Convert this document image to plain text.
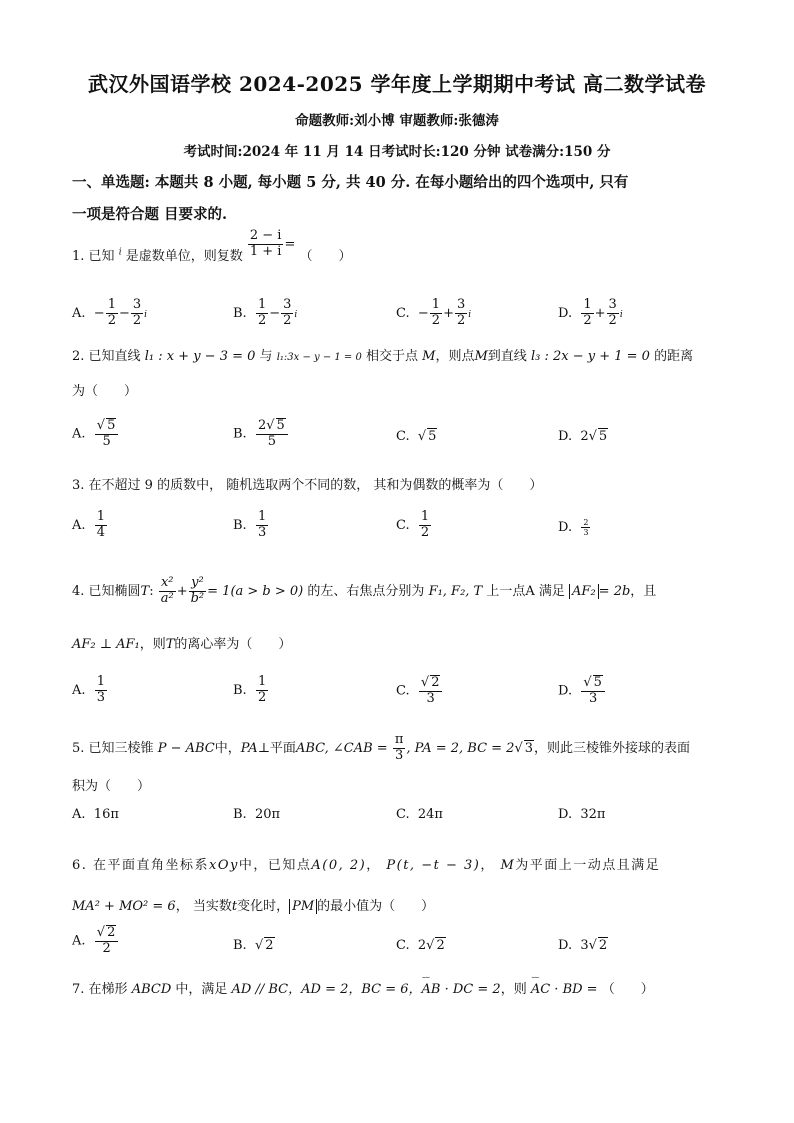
武汉外国语学校 2024-2025 学年度上学期期中考试 高二数学试卷
命题教师:刘小博 审题教师:张德涛
考试时间:2024 年 11 月 14 日考试时长:120 分钟 试卷满分:150 分
一、单选题: 本题共 8 小题, 每小题 5 分, 共 40 分. 在每小题给出的四个选项中, 只有
一项是符合题 目要求的.
1. 已知 $^i$ 是虚数单位，则复数 $\frac{2 - i}{1 + i}$ = （　　）
A.  − $\frac{1}{2} - \frac{3}{2}$ i	B. $\frac{1}{2} - \frac{3}{2}$ i	C.  − $\frac{1}{2} + \frac{3}{2}$ i	D. $\frac{1}{2} + \frac{3}{2}$ i
2. 已知直线 l₁ : x + y − 3 = 0 与 l₁:3x − y − 1 = 0 相交于点 M，则点M到直线 l₃ : 2x − y + 1 = 0 的距离
为（　　）
A. $\frac{√ 5}{5}$	B. $\frac{2√ 5}{5}$	C.  √ 5	D.  2√ 5
3. 在不超过 9 的质数中， 随机选取两个不同的数， 其和为偶数的概率为（　　）
A. $\frac{1}{4}$	B. $\frac{1}{3}$	C. $\frac{1}{2}$	D. $\frac{2}{3}$
4. 已知椭圆T: $\frac{\text{x²}}{\text{a²}} + \frac{\text{y²}}{\text{b²}} = 1(a > b > 0)$ 的左、右焦点分别为 F₁, F₂, T 上一点A 满足 AF₂ = 2b，且
AF₂ ⊥ AF₁，则T的离心率为（　　）
A. $\frac{1}{3}$	B. $\frac{1}{2}$	C. $\frac{√ 2}{3}$	D. $\frac{√ 5}{3}$
5. 已知三棱锥 P − ABC中，PA⊥平面ABC, ∠CAB = $\frac{\pi}{3}$ , PA = 2, BC = 2√ 3，则此三棱锥外接球的表面
积为（　　）
A.  16π	B.  20π	C.  24π	D.  32π
6. 在平面直角坐标系xOy中，已知点A(0, 2)， P(t, −t − 3)， M为平面上一动点且满足
MA² + MO² = 6， 当实数t变化时， PM 的最小值为（　　）
A. $\frac{√ 2}{2}$	B.  √ 2	C.  2√ 2	D.  3√ 2
7. 在梯形 ABCD 中，满足 AD // BC，AD = 2，BC = 6，⌣⌣ AB · DC = 2，则 ⌣⌣ AC · BD = （　　）
